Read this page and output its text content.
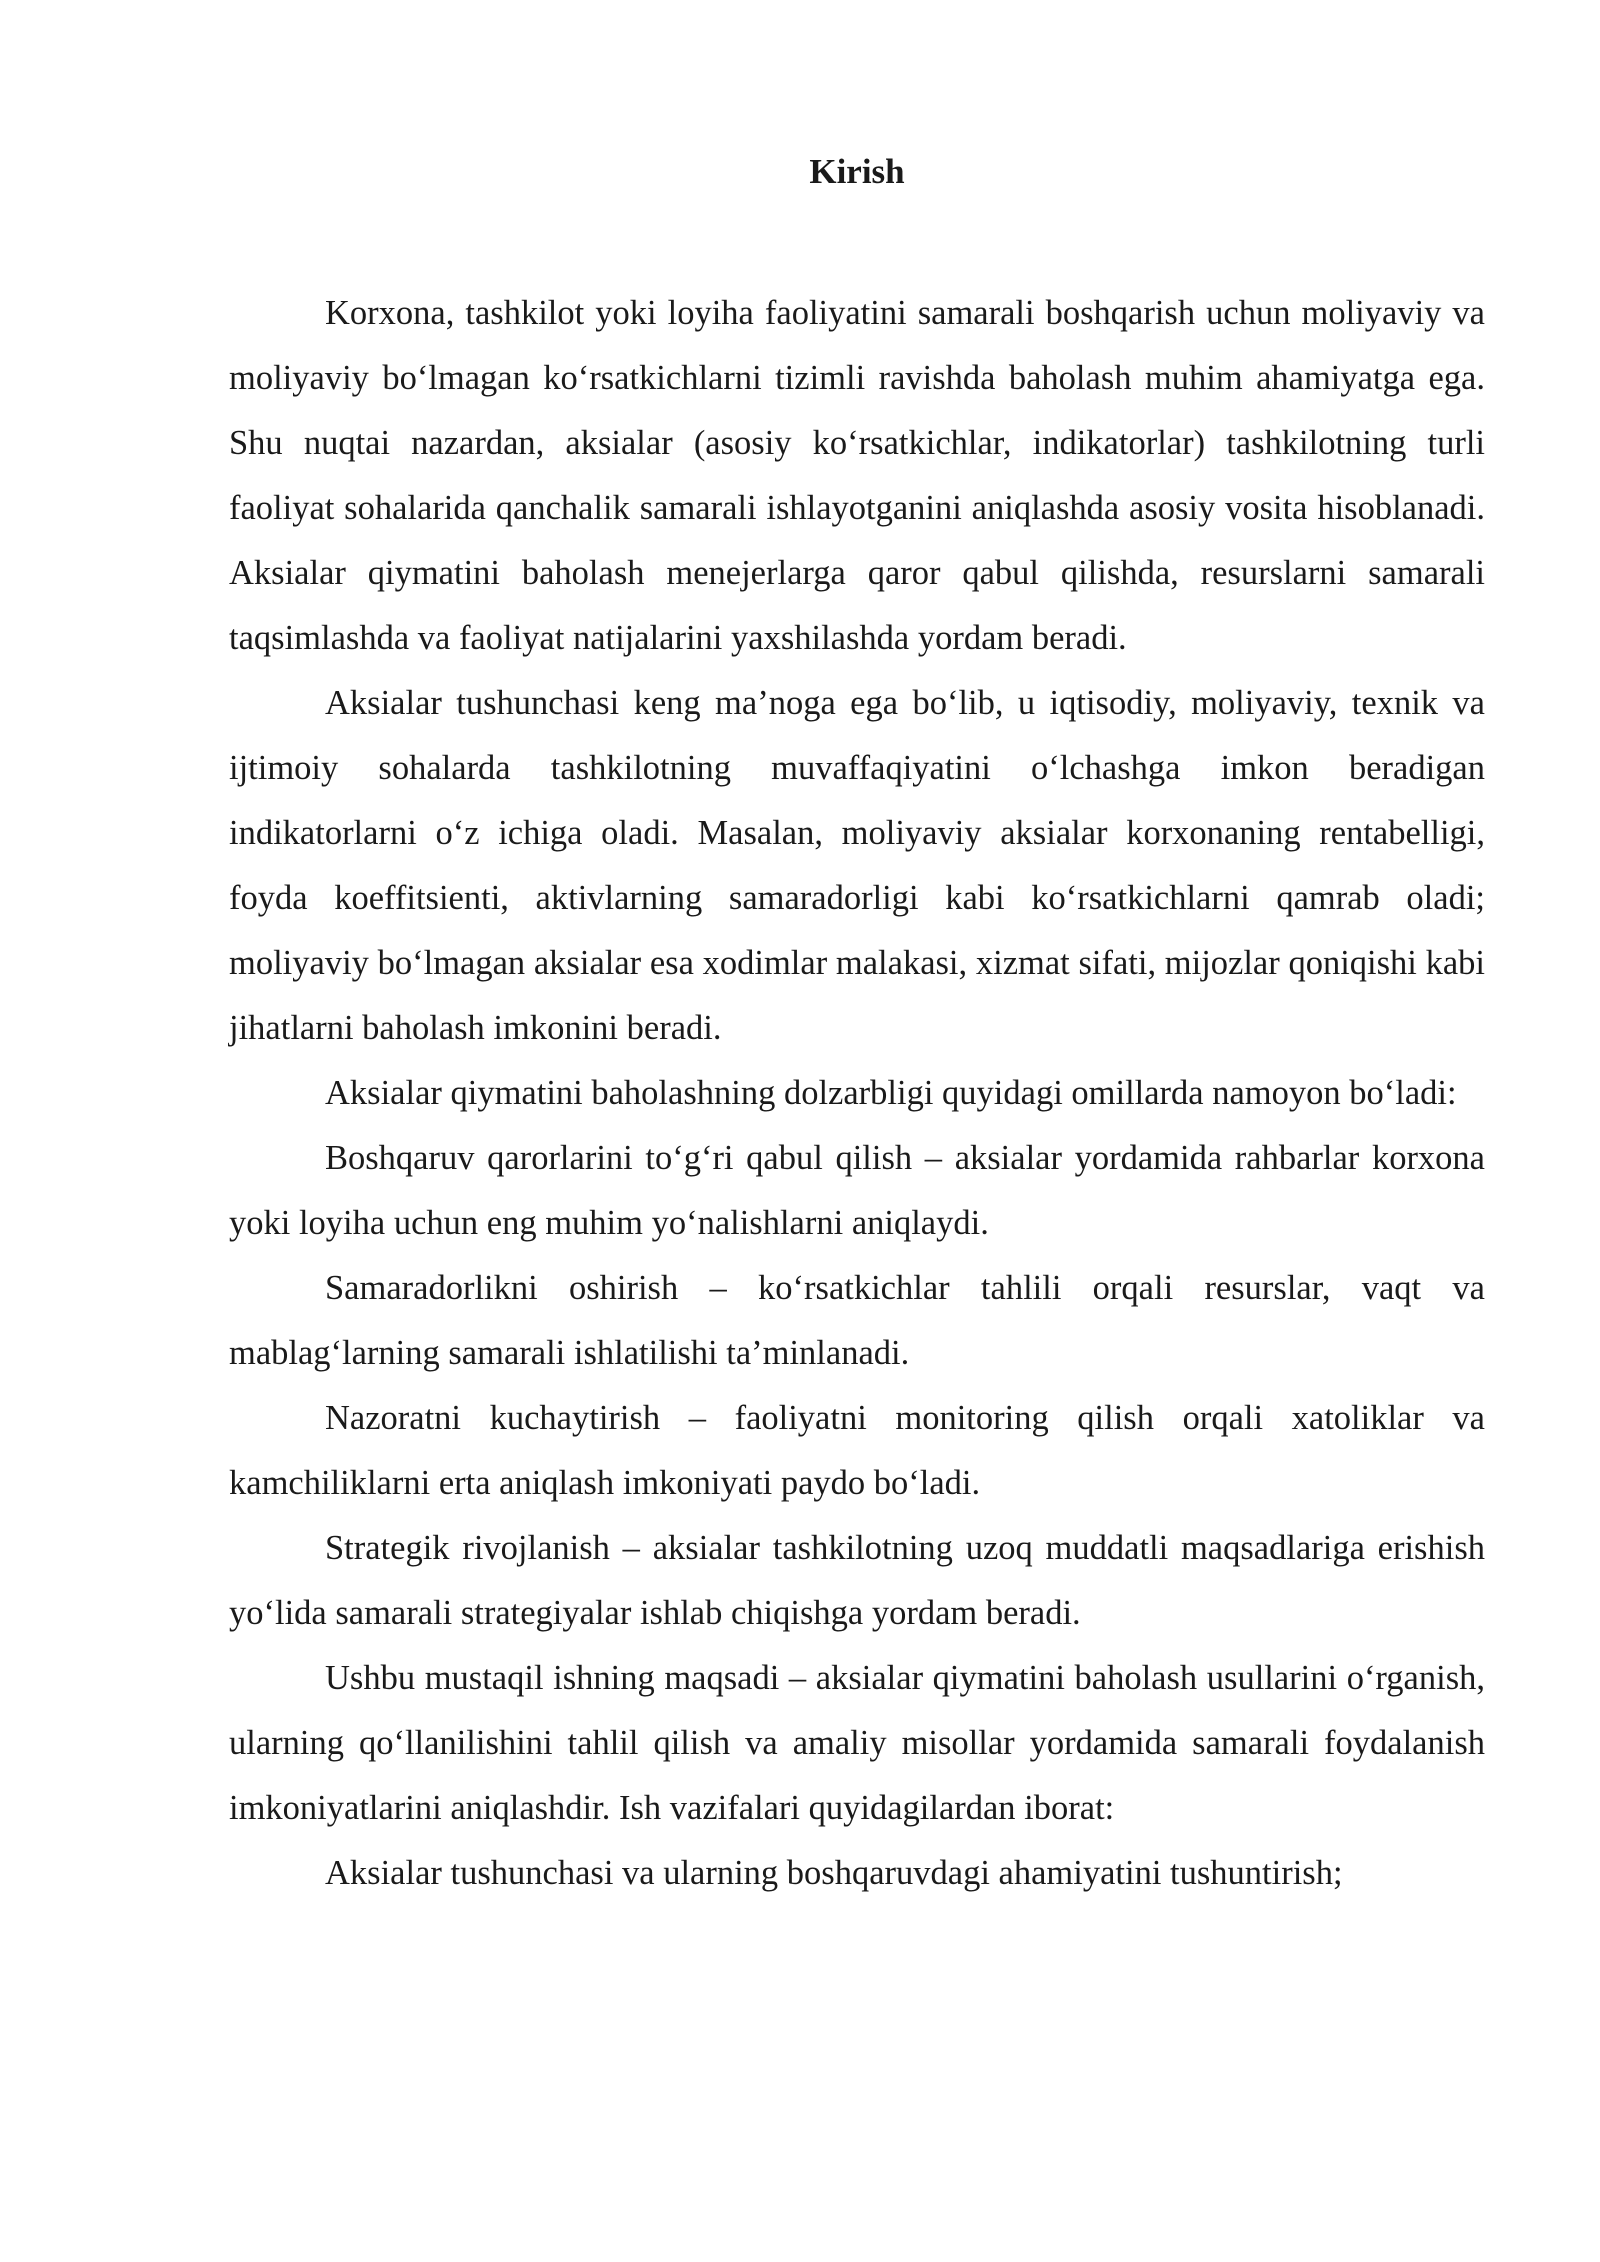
Kirish

Korxona, tashkilot yoki loyiha faoliyatini samarali boshqarish uchun moliyaviy va moliyaviy bo‘lmagan ko‘rsatkichlarni tizimli ravishda baholash muhim ahamiyatga ega. Shu nuqtai nazardan, aksialar (asosiy ko‘rsatkichlar, indikatorlar) tashkilotning turli faoliyat sohalarida qanchalik samarali ishlayotganini aniqlashda asosiy vosita hisoblanadi. Aksialar qiymatini baholash menejerlarga qaror qabul qilishda, resurslarni samarali taqsimlashda va faoliyat natijalarini yaxshilashda yordam beradi.

Aksialar tushunchasi keng ma’noga ega bo‘lib, u iqtisodiy, moliyaviy, texnik va ijtimoiy sohalarda tashkilotning muvaffaqiyatini o‘lchashga imkon beradigan indikatorlarni o‘z ichiga oladi. Masalan, moliyaviy aksialar korxonaning rentabelligi, foyda koeffitsienti, aktivlarning samaradorligi kabi ko‘rsatkichlarni qamrab oladi; moliyaviy bo‘lmagan aksialar esa xodimlar malakasi, xizmat sifati, mijozlar qoniqishi kabi jihatlarni baholash imkonini beradi.

Aksialar qiymatini baholashning dolzarbligi quyidagi omillarda namoyon bo‘ladi:

Boshqaruv qarorlarini to‘g‘ri qabul qilish – aksialar yordamida rahbarlar korxona yoki loyiha uchun eng muhim yo‘nalishlarni aniqlaydi.

Samaradorlikni oshirish – ko‘rsatkichlar tahlili orqali resurslar, vaqt va mablag‘larning samarali ishlatilishi ta’minlanadi.

Nazoratni kuchaytirish – faoliyatni monitoring qilish orqali xatoliklar va kamchiliklarni erta aniqlash imkoniyati paydo bo‘ladi.

Strategik rivojlanish – aksialar tashkilotning uzoq muddatli maqsadlariga erishish yo‘lida samarali strategiyalar ishlab chiqishga yordam beradi.

Ushbu mustaqil ishning maqsadi – aksialar qiymatini baholash usullarini o‘rganish, ularning qo‘llanilishini tahlil qilish va amaliy misollar yordamida samarali foydalanish imkoniyatlarini aniqlashdir. Ish vazifalari quyidagilardan iborat:

Aksialar tushunchasi va ularning boshqaruvdagi ahamiyatini tushuntirish;
